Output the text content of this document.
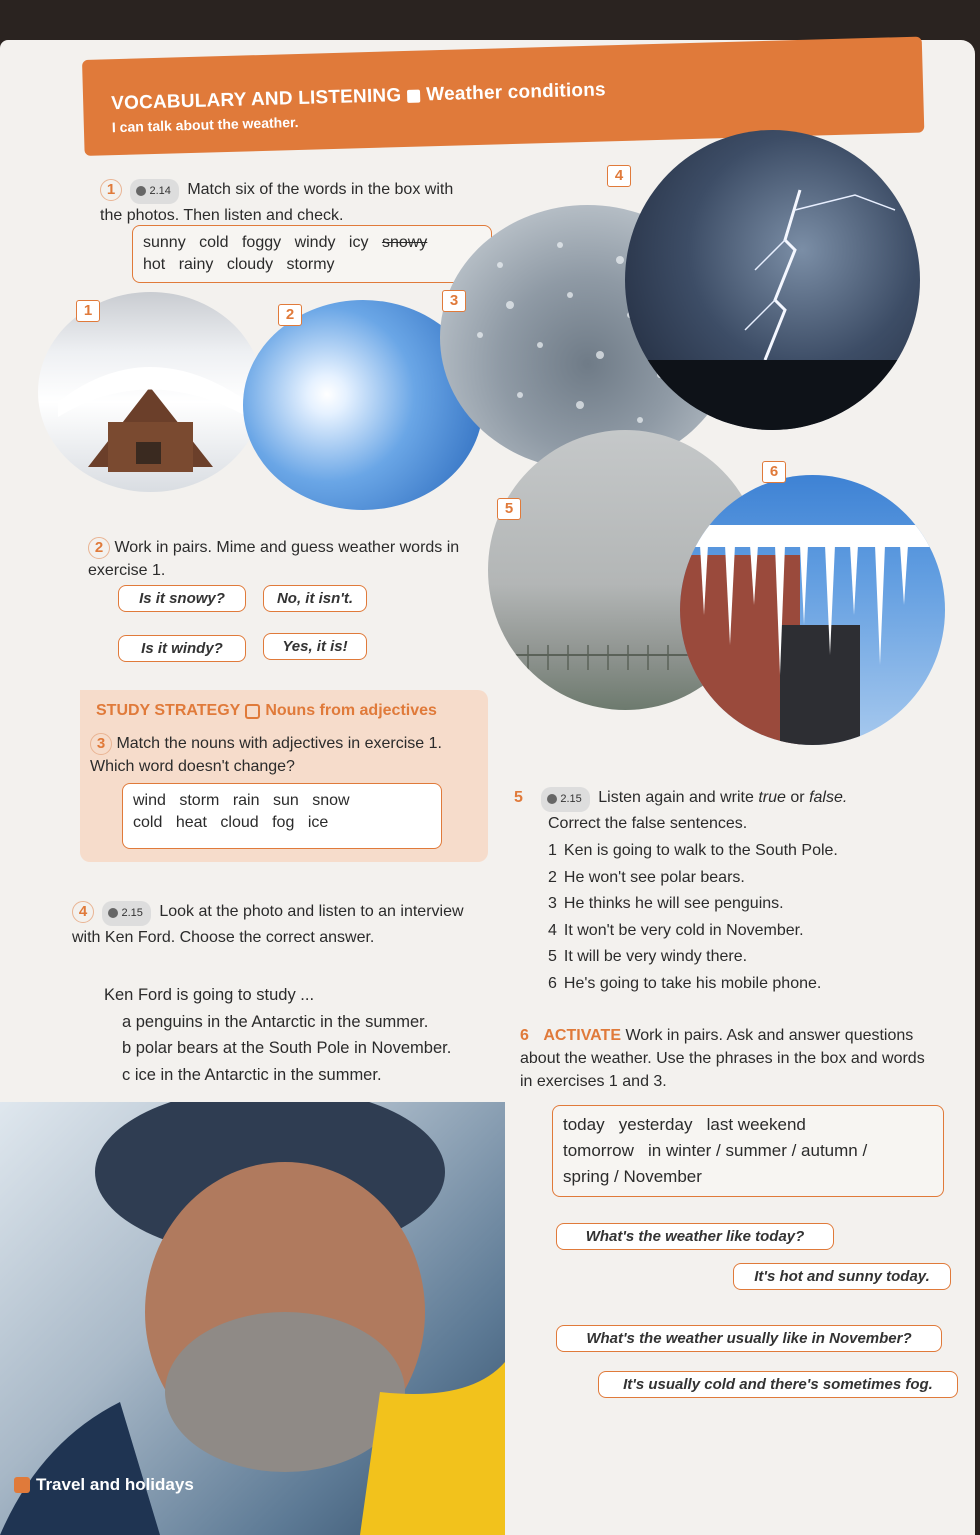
VOCABULARY AND LISTENING Weather conditions
I can talk about the weather.
1	2.14 Match six of the words in the box with the photos. Then listen and check.
sunny cold foggy windy icy snowy
hot rainy cloudy stormy
1	2
3
4
5
6
2 Work in pairs. Mime and guess weather words in exercise 1.
Is it snowy?	No, it isn't.
Is it windy?	Yes, it is!
STUDY STRATEGY Nouns from adjectives
3 Match the nouns with adjectives in exercise 1. Which word doesn't change?
wind storm rain sun snow
cold heat cloud fog ice
4	2.15 Look at the photo and listen to an interview with Ken Ford. Choose the correct answer.
Ken Ford is going to study ...
a penguins in the Antarctic in the summer.
b polar bears at the South Pole in November.
c ice in the Antarctic in the summer.
5	2.15 Listen again and write true or false.
Correct the false sentences.
1 Ken is going to walk to the South Pole.
2 He won't see polar bears.
3 He thinks he will see penguins.
4 It won't be very cold in November.
5 It will be very windy there.
6 He's going to take his mobile phone.
6 ACTIVATE Work in pairs. Ask and answer questions about the weather. Use the phrases in the box and words in exercises 1 and 3.
today   yesterday   last weekend
tomorrow   in winter / summer / autumn /
spring / November
What's the weather like today?
It's hot and sunny today.
What's the weather usually like in November?
It's usually cold and there's sometimes fog.
Travel and holidays
